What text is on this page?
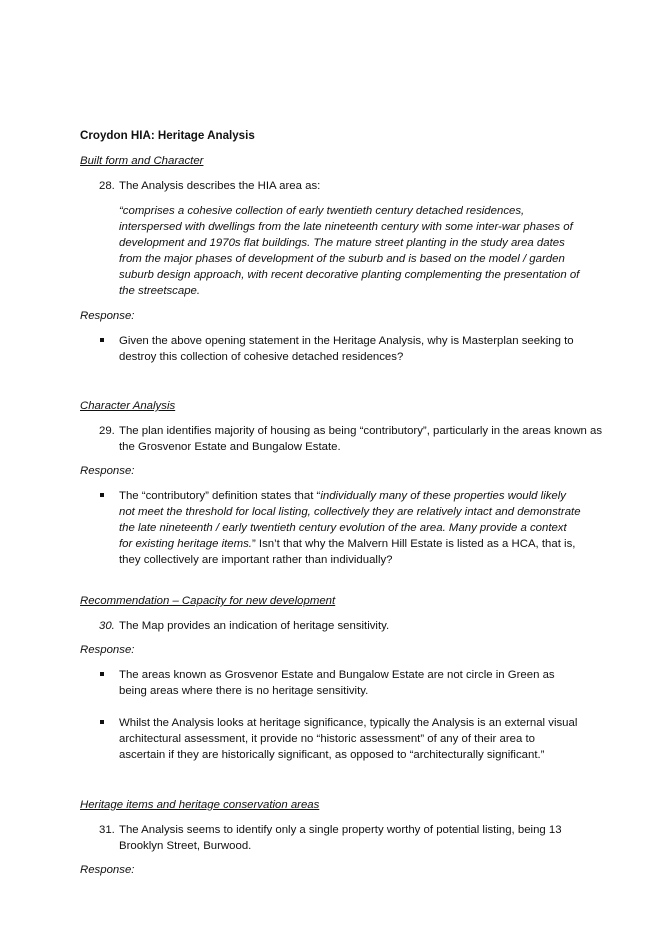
Croydon HIA: Heritage Analysis

Built form and Character

28. The Analysis describes the HIA area as:

“comprises a cohesive collection of early twentieth century detached residences, interspersed with dwellings from the late nineteenth century with some inter-war phases of development and 1970s flat buildings. The mature street planting in the study area dates from the major phases of development of the suburb and is based on the model / garden suburb design approach, with recent decorative planting complementing the presentation of the streetscape.

Response:

Given the above opening statement in the Heritage Analysis, why is Masterplan seeking to destroy this collection of cohesive detached residences?

Character Analysis

29. The plan identifies majority of housing as being “contributory”, particularly in the areas known as the Grosvenor Estate and Bungalow Estate.

Response:

The “contributory” definition states that “individually many of these properties would likely not meet the threshold for local listing, collectively they are relatively intact and demonstrate the late nineteenth / early twentieth century evolution of the area. Many provide a context for existing heritage items.” Isn’t that why the Malvern Hill Estate is listed as a HCA, that is, they collectively are important rather than individually?

Recommendation – Capacity for new development

30. The Map provides an indication of heritage sensitivity.

Response:

The areas known as Grosvenor Estate and Bungalow Estate are not circle in Green as being areas where there is no heritage sensitivity.

Whilst the Analysis looks at heritage significance, typically the Analysis is an external visual architectural assessment, it provide no “historic assessment” of any of their area to ascertain if they are historically significant, as opposed to “architecturally significant.”

Heritage items and heritage conservation areas

31. The Analysis seems to identify only a single property worthy of potential listing, being 13 Brooklyn Street, Burwood.

Response:
